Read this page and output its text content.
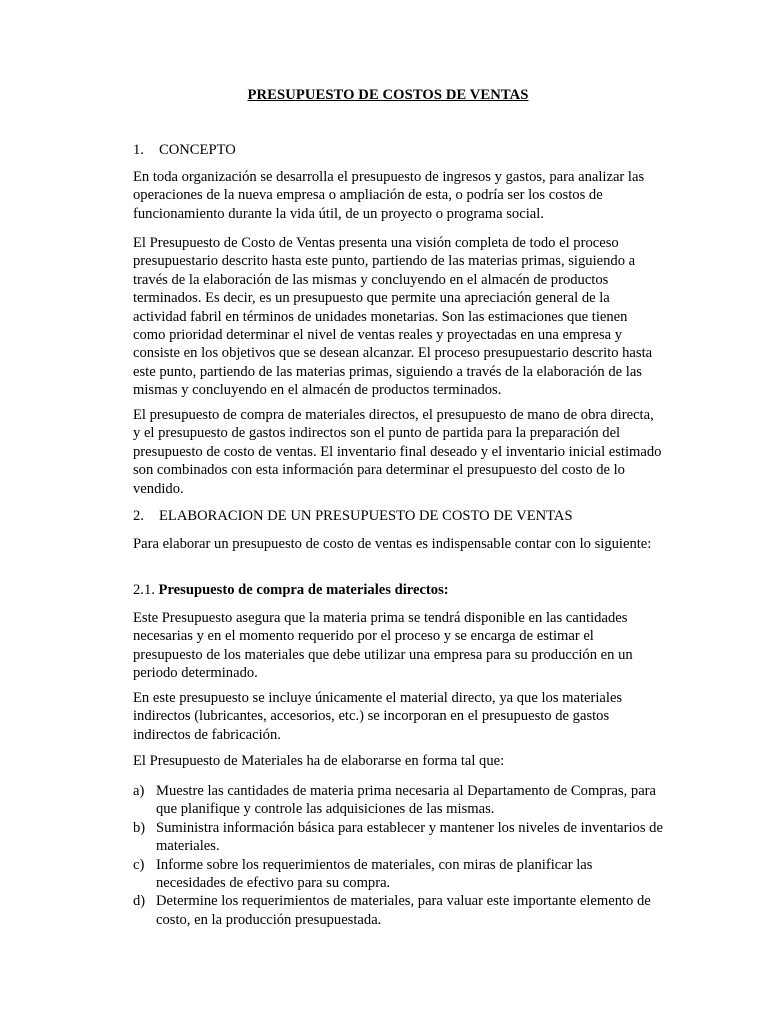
PRESUPUESTO DE COSTOS DE VENTAS
1. CONCEPTO

En toda organización se desarrolla el presupuesto de ingresos y gastos, para analizar las operaciones de la nueva empresa o ampliación de esta, o podría ser los costos de funcionamiento durante la vida útil, de un proyecto o programa social.

El Presupuesto de Costo de Ventas presenta una visión completa de todo el proceso presupuestario descrito hasta este punto, partiendo de las materias primas, siguiendo a través de la elaboración de las mismas y concluyendo en el almacén de productos terminados. Es decir, es un presupuesto que permite una apreciación general de la actividad fabril en términos de unidades monetarias. Son las estimaciones que tienen como prioridad determinar el nivel de ventas reales y proyectadas en una empresa y consiste en los objetivos que se desean alcanzar. El proceso presupuestario descrito hasta este punto, partiendo de las materias primas, siguiendo a través de la elaboración de las mismas y concluyendo en el almacén de productos terminados.

El presupuesto de compra de materiales directos, el presupuesto de mano de obra directa, y el presupuesto de gastos indirectos son el punto de partida para la preparación del presupuesto de costo de ventas. El inventario final deseado y el inventario inicial estimado son combinados con esta información para determinar el presupuesto del costo de lo vendido.

2. ELABORACION DE UN PRESUPUESTO DE COSTO DE VENTAS

Para elaborar un presupuesto de costo de ventas es indispensable contar con lo siguiente:

2.1. Presupuesto de compra de materiales directos:

Este Presupuesto asegura que la materia prima se tendrá disponible en las cantidades necesarias y en el momento requerido por el proceso y se encarga de estimar el presupuesto de los materiales que debe utilizar una empresa para su producción en un periodo determinado.

En este presupuesto se incluye únicamente el material directo, ya que los materiales indirectos (lubricantes, accesorios, etc.) se incorporan en el presupuesto de gastos indirectos de fabricación.

El Presupuesto de Materiales ha de elaborarse en forma tal que:

a) Muestre las cantidades de materia prima necesaria al Departamento de Compras, para que planifique y controle las adquisiciones de las mismas.
b) Suministra información básica para establecer y mantener los niveles de inventarios de materiales.
c) Informe sobre los requerimientos de materiales, con miras de planificar las necesidades de efectivo para su compra.
d) Determine los requerimientos de materiales, para valuar este importante elemento de costo, en la producción presupuestada.
